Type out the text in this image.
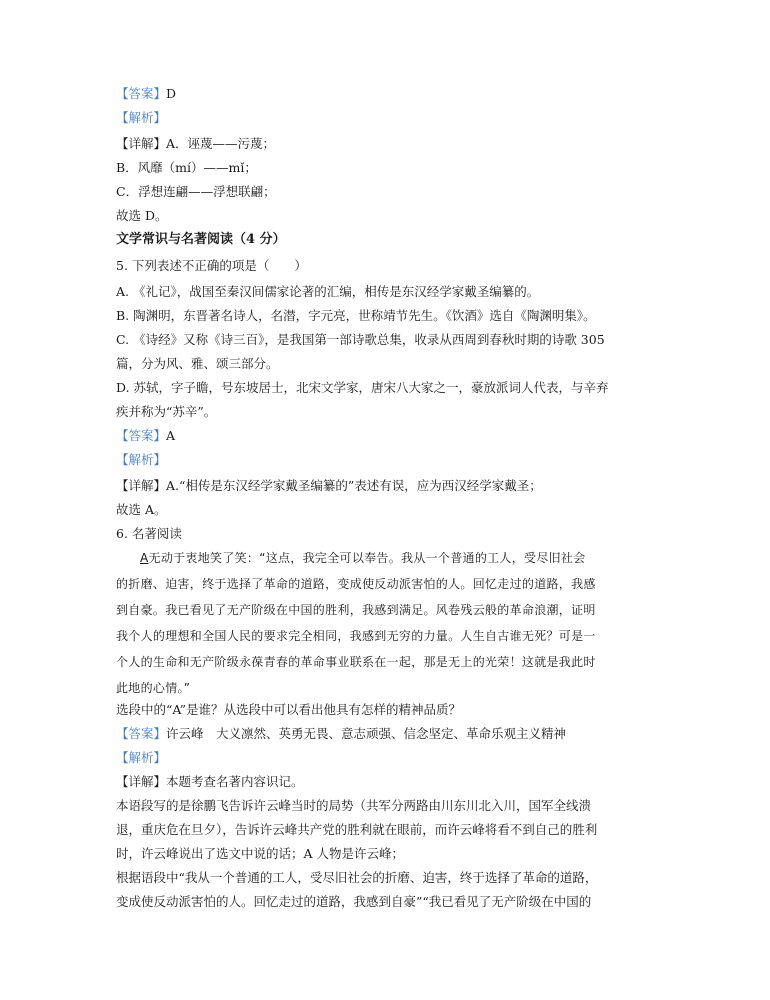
【答案】D
【解析】
【详解】A．诬蔑——污蔑；
B．风靡（mí）——mǐ；
C．浮想连翩——浮想联翩；
故选 D。
文学常识与名著阅读（4 分）
5. 下列表述不正确的项是（　　）
A. 《礼记》，战国至秦汉间儒家论著的汇编，相传是东汉经学家戴圣编纂的。
B. 陶渊明，东晋著名诗人，名潜，字元亮，世称靖节先生。《饮酒》选自《陶渊明集》。
C. 《诗经》又称《诗三百》，是我国第一部诗歌总集，收录从西周到春秋时期的诗歌 305
篇，分为风、雅、颂三部分。
D. 苏轼，字子瞻，号东坡居士，北宋文学家，唐宋八大家之一，豪放派词人代表，与辛弃
疾并称为“苏辛”。
【答案】A
【解析】
【详解】A.“相传是东汉经学家戴圣编纂的”表述有误，应为西汉经学家戴圣；
故选 A。
6. 名著阅读
A无动于衷地笑了笑：“这点，我完全可以奉告。我从一个普通的工人，受尽旧社会
的折磨、迫害，终于选择了革命的道路，变成使反动派害怕的人。回忆走过的道路，我感
到自豪。我已看见了无产阶级在中国的胜利，我感到满足。风卷残云般的革命浪潮，证明
我个人的理想和全国人民的要求完全相同，我感到无穷的力量。人生自古谁无死？可是一
个人的生命和无产阶级永葆青春的革命事业联系在一起，那是无上的光荣！这就是我此时
此地的心情。”
选段中的“A”是谁？从选段中可以看出他具有怎样的精神品质？
【答案】许云峰　大义凛然、英勇无畏、意志顽强、信念坚定、革命乐观主义精神
【解析】
【详解】本题考查名著内容识记。
本语段写的是徐鹏飞告诉许云峰当时的局势（共军分两路由川东川北入川，国军全线溃
退，重庆危在旦夕），告诉许云峰共产党的胜利就在眼前，而许云峰将看不到自己的胜利
时，许云峰说出了选文中说的话；A 人物是许云峰；
根据语段中“我从一个普通的工人，受尽旧社会的折磨、迫害，终于选择了革命的道路，
变成使反动派害怕的人。回忆走过的道路，我感到自豪”“我已看见了无产阶级在中国的
